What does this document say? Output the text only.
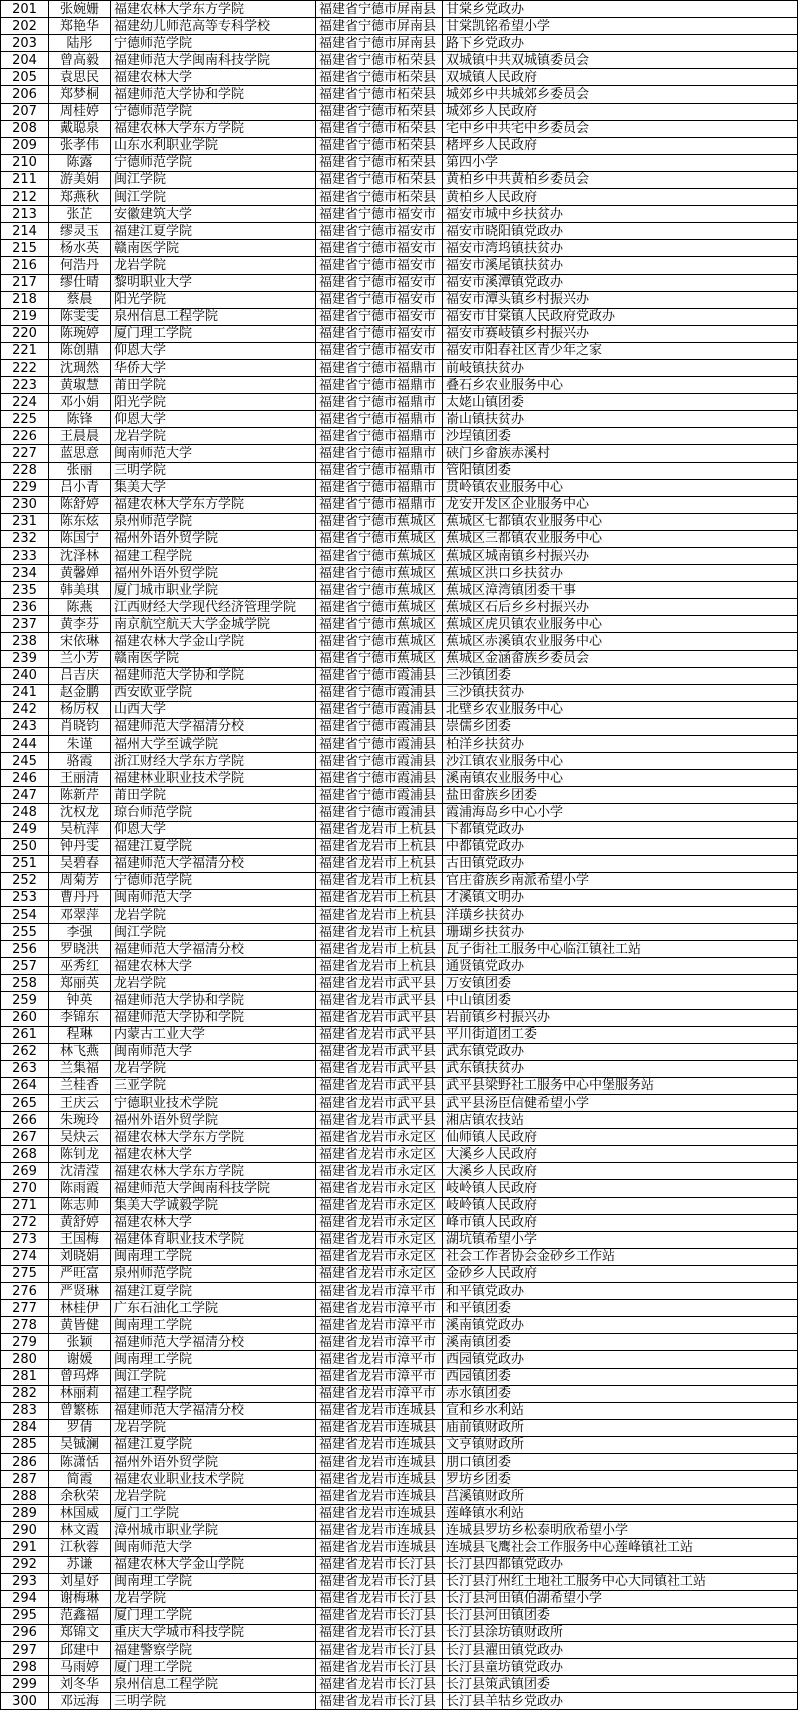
201	张婉姗	福建农林大学东方学院	福建省宁德市屏南县	甘棠乡党政办
202	郑艳华	福建幼儿师范高等专科学校	福建省宁德市屏南县	甘棠凯铭希望小学
203	陆彤	宁德师范学院	福建省宁德市屏南县	路下乡党政办
204	曾高毅	福建师范大学闽南科技学院	福建省宁德市柘荣县	双城镇中共双城镇委员会
205	袁思民	福建农林大学	福建省宁德市柘荣县	双城镇人民政府
206	郑梦桐	福建师范大学协和学院	福建省宁德市柘荣县	城郊乡中共城郊乡委员会
207	周桂婷	宁德师范学院	福建省宁德市柘荣县	城郊乡人民政府
208	戴聪泉	福建农林大学东方学院	福建省宁德市柘荣县	宅中乡中共宅中乡委员会
209	张孝伟	山东水利职业学院	福建省宁德市柘荣县	楮坪乡人民政府
210	陈露	宁德师范学院	福建省宁德市柘荣县	第四小学
211	游美娟	闽江学院	福建省宁德市柘荣县	黄柏乡中共黄柏乡委员会
212	郑燕秋	闽江学院	福建省宁德市柘荣县	黄柏乡人民政府
213	张芷	安徽建筑大学	福建省宁德市福安市	福安市城中乡扶贫办
214	缪灵玉	福建江夏学院	福建省宁德市福安市	福安市晓阳镇党政办
215	杨水英	赣南医学院	福建省宁德市福安市	福安市湾坞镇扶贫办
216	何浩丹	龙岩学院	福建省宁德市福安市	福安市溪尾镇扶贫办
217	缪仕晴	黎明职业大学	福建省宁德市福安市	福安市溪潭镇党政办
218	蔡晨	阳光学院	福建省宁德市福安市	福安市潭头镇乡村振兴办
219	陈雯雯	泉州信息工程学院	福建省宁德市福安市	福安市甘棠镇人民政府党政办
220	陈琬婷	厦门理工学院	福建省宁德市福安市	福安市赛岐镇乡村振兴办
221	陈创鼎	仰恩大学	福建省宁德市福安市	福安市阳春社区青少年之家
222	沈琱然	华侨大学	福建省宁德市福鼎市	前岐镇扶贫办
223	黄琡慧	莆田学院	福建省宁德市福鼎市	叠石乡农业服务中心
224	邓小娟	阳光学院	福建省宁德市福鼎市	太姥山镇团委
225	陈锋	仰恩大学	福建省宁德市福鼎市	嵛山镇扶贫办
226	王晨晨	龙岩学院	福建省宁德市福鼎市	沙埕镇团委
227	蓝思意	闽南师范大学	福建省宁德市福鼎市	硖门乡畲族赤溪村
228	张丽	三明学院	福建省宁德市福鼎市	管阳镇团委
229	吕小青	集美大学	福建省宁德市福鼎市	贯岭镇农业服务中心
230	陈舒婷	福建农林大学东方学院	福建省宁德市福鼎市	龙安开发区企业服务中心
231	陈东炫	泉州师范学院	福建省宁德市蕉城区	蕉城区七都镇农业服务中心
232	陈国宁	福州外语外贸学院	福建省宁德市蕉城区	蕉城区三都镇农业服务中心
233	沈泽林	福建工程学院	福建省宁德市蕉城区	蕉城区城南镇乡村振兴办
234	黄馨婵	福州外语外贸学院	福建省宁德市蕉城区	蕉城区洪口乡扶贫办
235	韩美琪	厦门城市职业学院	福建省宁德市蕉城区	蕉城区漳湾镇团委干事
236	陈燕	江西财经大学现代经济管理学院	福建省宁德市蕉城区	蕉城区石后乡乡村振兴办
237	黄李芬	南京航空航天大学金城学院	福建省宁德市蕉城区	蕉城区虎贝镇农业服务中心
238	宋依琳	福建农林大学金山学院	福建省宁德市蕉城区	蕉城区赤溪镇农业服务中心
239	兰小芳	赣南医学院	福建省宁德市蕉城区	蕉城区金涵畲族乡委员会
240	吕吉庆	福建师范大学协和学院	福建省宁德市霞浦县	三沙镇团委
241	赵金鹏	西安欧亚学院	福建省宁德市霞浦县	三沙镇扶贫办
242	杨厉权	山西大学	福建省宁德市霞浦县	北壁乡农业服务中心
243	肖晓钧	福建师范大学福清分校	福建省宁德市霞浦县	崇儒乡团委
244	朱谨	福州大学至诚学院	福建省宁德市霞浦县	柏洋乡扶贫办
245	骆霞	浙江财经大学东方学院	福建省宁德市霞浦县	沙江镇农业服务中心
246	王丽清	福建林业职业技术学院	福建省宁德市霞浦县	溪南镇农业服务中心
247	陈新芹	莆田学院	福建省宁德市霞浦县	盐田畲族乡团委
248	沈权龙	琼台师范学院	福建省宁德市霞浦县	霞浦海岛乡中心小学
249	吴杭萍	仰恩大学	福建省龙岩市上杭县	下都镇党政办
250	钟丹雯	福建江夏学院	福建省龙岩市上杭县	中都镇党政办
251	吴碧春	福建师范大学福清分校	福建省龙岩市上杭县	古田镇党政办
252	周菊芳	宁德师范学院	福建省龙岩市上杭县	官庄畲族乡南派希望小学
253	曹丹丹	闽南师范大学	福建省龙岩市上杭县	才溪镇文明办
254	邓翠萍	龙岩学院	福建省龙岩市上杭县	洋璜乡扶贫办
255	李强	闽江学院	福建省龙岩市上杭县	珊瑚乡扶贫办
256	罗晓洪	福建师范大学福清分校	福建省龙岩市上杭县	瓦子街社工服务中心临江镇社工站
257	巫秀红	福建农林大学	福建省龙岩市上杭县	通贤镇党政办
258	郑丽英	龙岩学院	福建省龙岩市武平县	万安镇团委
259	钟英	福建师范大学协和学院	福建省龙岩市武平县	中山镇团委
260	李锦东	福建师范大学协和学院	福建省龙岩市武平县	岩前镇乡村振兴办
261	程琳	内蒙古工业大学	福建省龙岩市武平县	平川街道团工委
262	林飞燕	闽南师范大学	福建省龙岩市武平县	武东镇党政办
263	兰集福	龙岩学院	福建省龙岩市武平县	武东镇扶贫办
264	兰桂香	三亚学院	福建省龙岩市武平县	武平县梁野社工服务中心中堡服务站
265	王庆云	宁德职业技术学院	福建省龙岩市武平县	武平县汤臣信健希望小学
266	朱琬玲	福州外语外贸学院	福建省龙岩市武平县	湘店镇农技站
267	吴炔云	福建农林大学东方学院	福建省龙岩市永定区	仙师镇人民政府
268	陈钊龙	福建农林大学	福建省龙岩市永定区	大溪乡人民政府
269	沈清滢	福建农林大学东方学院	福建省龙岩市永定区	大溪乡人民政府
270	陈雨霞	福建师范大学闽南科技学院	福建省龙岩市永定区	岐岭镇人民政府
271	陈志帅	集美大学诚毅学院	福建省龙岩市永定区	岐岭镇人民政府
272	黄舒婷	福建农林大学	福建省龙岩市永定区	峰市镇人民政府
273	王国梅	福建体育职业技术学院	福建省龙岩市永定区	湖坑镇希望小学
274	刘晓娟	闽南理工学院	福建省龙岩市永定区	社会工作者协会金砂乡工作站
275	严旺富	泉州师范学院	福建省龙岩市永定区	金砂乡人民政府
276	严贤琳	福建江夏学院	福建省龙岩市漳平市	和平镇党政办
277	林桂伊	广东石油化工学院	福建省龙岩市漳平市	和平镇团委
278	黄皆健	闽南理工学院	福建省龙岩市漳平市	溪南镇党政办
279	张颖	福建师范大学福清分校	福建省龙岩市漳平市	溪南镇团委
280	谢媛	闽南理工学院	福建省龙岩市漳平市	西园镇党政办
281	曾玛烨	闽江学院	福建省龙岩市漳平市	西园镇团委
282	林丽莉	福建工程学院	福建省龙岩市漳平市	赤水镇团委
283	曾繁栋	福建师范大学福清分校	福建省龙岩市连城县	宣和乡水利站
284	罗倩	龙岩学院	福建省龙岩市连城县	庙前镇财政所
285	吴铖澜	福建江夏学院	福建省龙岩市连城县	文亨镇财政所
286	陈潇恬	福州外语外贸学院	福建省龙岩市连城县	朋口镇团委
287	简霞	福建农业职业技术学院	福建省龙岩市连城县	罗坊乡团委
288	余秋荣	龙岩学院	福建省龙岩市连城县	莒溪镇财政所
289	林国威	厦门工学院	福建省龙岩市连城县	莲峰镇水利站
290	林文霞	漳州城市职业学院	福建省龙岩市连城县	连城县罗坊乡松泰明欣希望小学
291	江秋蓉	闽南师范大学	福建省龙岩市连城县	连城县飞鹰社会工作服务中心莲峰镇社工站
292	苏谦	福建农林大学金山学院	福建省龙岩市长汀县	长汀县四都镇党政办
293	刘星妤	闽南理工学院	福建省龙岩市长汀县	长汀县汀州红土地社工服务中心大同镇社工站
294	谢梅琳	龙岩学院	福建省龙岩市长汀县	长汀县河田镇伯湖希望小学
295	范鑫福	厦门理工学院	福建省龙岩市长汀县	长汀县河田镇团委
296	郑锦文	重庆大学城市科技学院	福建省龙岩市长汀县	长汀县涂坊镇财政所
297	邱建中	福建警察学院	福建省龙岩市长汀县	长汀县濯田镇党政办
298	马雨婷	厦门理工学院	福建省龙岩市长汀县	长汀县童坊镇党政办
299	刘冬华	泉州信息工程学院	福建省龙岩市长汀县	长汀县策武镇团委
300	邓远海	三明学院	福建省龙岩市长汀县	长汀县羊牯乡党政办
